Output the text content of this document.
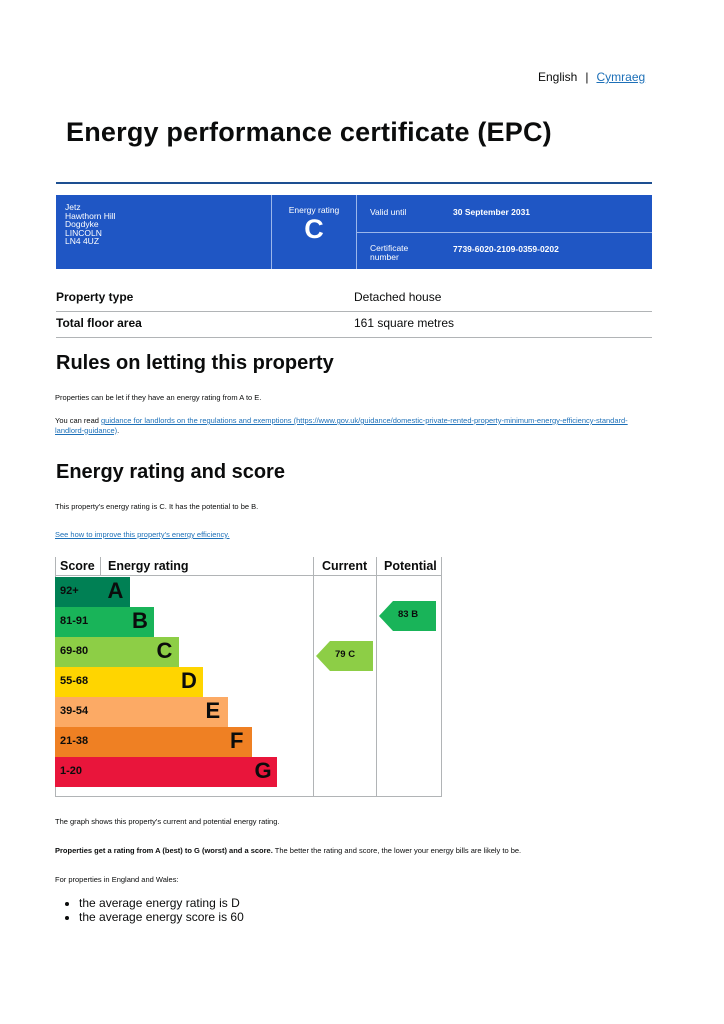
English | Cymraeg
Energy performance certificate (EPC)
Jetz
Hawthorn Hill
Dogdyke
LINCOLN
LN4 4UZ
Energy rating
C
Valid until	30 September 2031
Certificate number
7739-6020-2109-0359-0202
Property type	Detached house
Total floor area	161 square metres
Rules on letting this property
Properties can be let if they have an energy rating from A to E.
You can read guidance for landlords on the regulations and exemptions (https://www.gov.uk/guidance/domestic-private-rented-property-minimum-energy-efficiency-standard-landlord-guidance).
Energy rating and score
This property's energy rating is C. It has the potential to be B.
See how to improve this property's energy efficiency.
Score Energy rating	Current Potential
92+ A
81-91 B
69-80	C
55-68	D
39-54	E
21-38	F
1-20	G
79 C
83 B
The graph shows this property's current and potential energy rating.
Properties get a rating from A (best) to G (worst) and a score. The better the rating and score, the lower your energy bills are likely to be.
For properties in England and Wales:
• the average energy rating is D
• the average energy score is 60
